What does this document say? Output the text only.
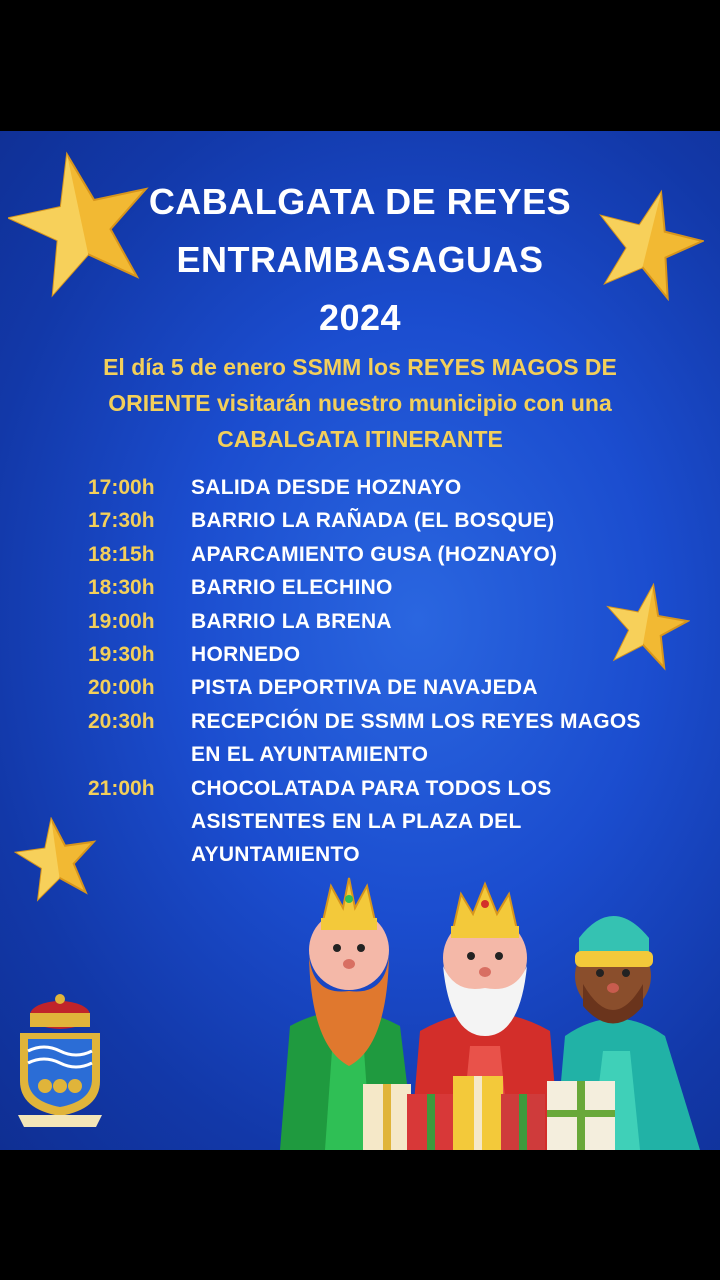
CABALGATA DE REYES
ENTRAMBASAGUAS
2024
El día 5 de enero SSMM los REYES MAGOS DE
ORIENTE visitarán nuestro municipio con una
CABALGATA ITINERANTE
17:00h SALIDA DESDE HOZNAYO
17:30h BARRIO LA RAÑADA (EL BOSQUE)
18:15h APARCAMIENTO GUSA (HOZNAYO)
18:30h BARRIO ELECHINO
19:00h BARRIO LA BRENA
19:30h HORNEDO
20:00h PISTA DEPORTIVA DE NAVAJEDA
20:30h RECEPCIÓN DE SSMM LOS REYES MAGOS
EN EL AYUNTAMIENTO
21:00h CHOCOLATADA PARA TODOS LOS
ASISTENTES EN LA PLAZA DEL
AYUNTAMIENTO
